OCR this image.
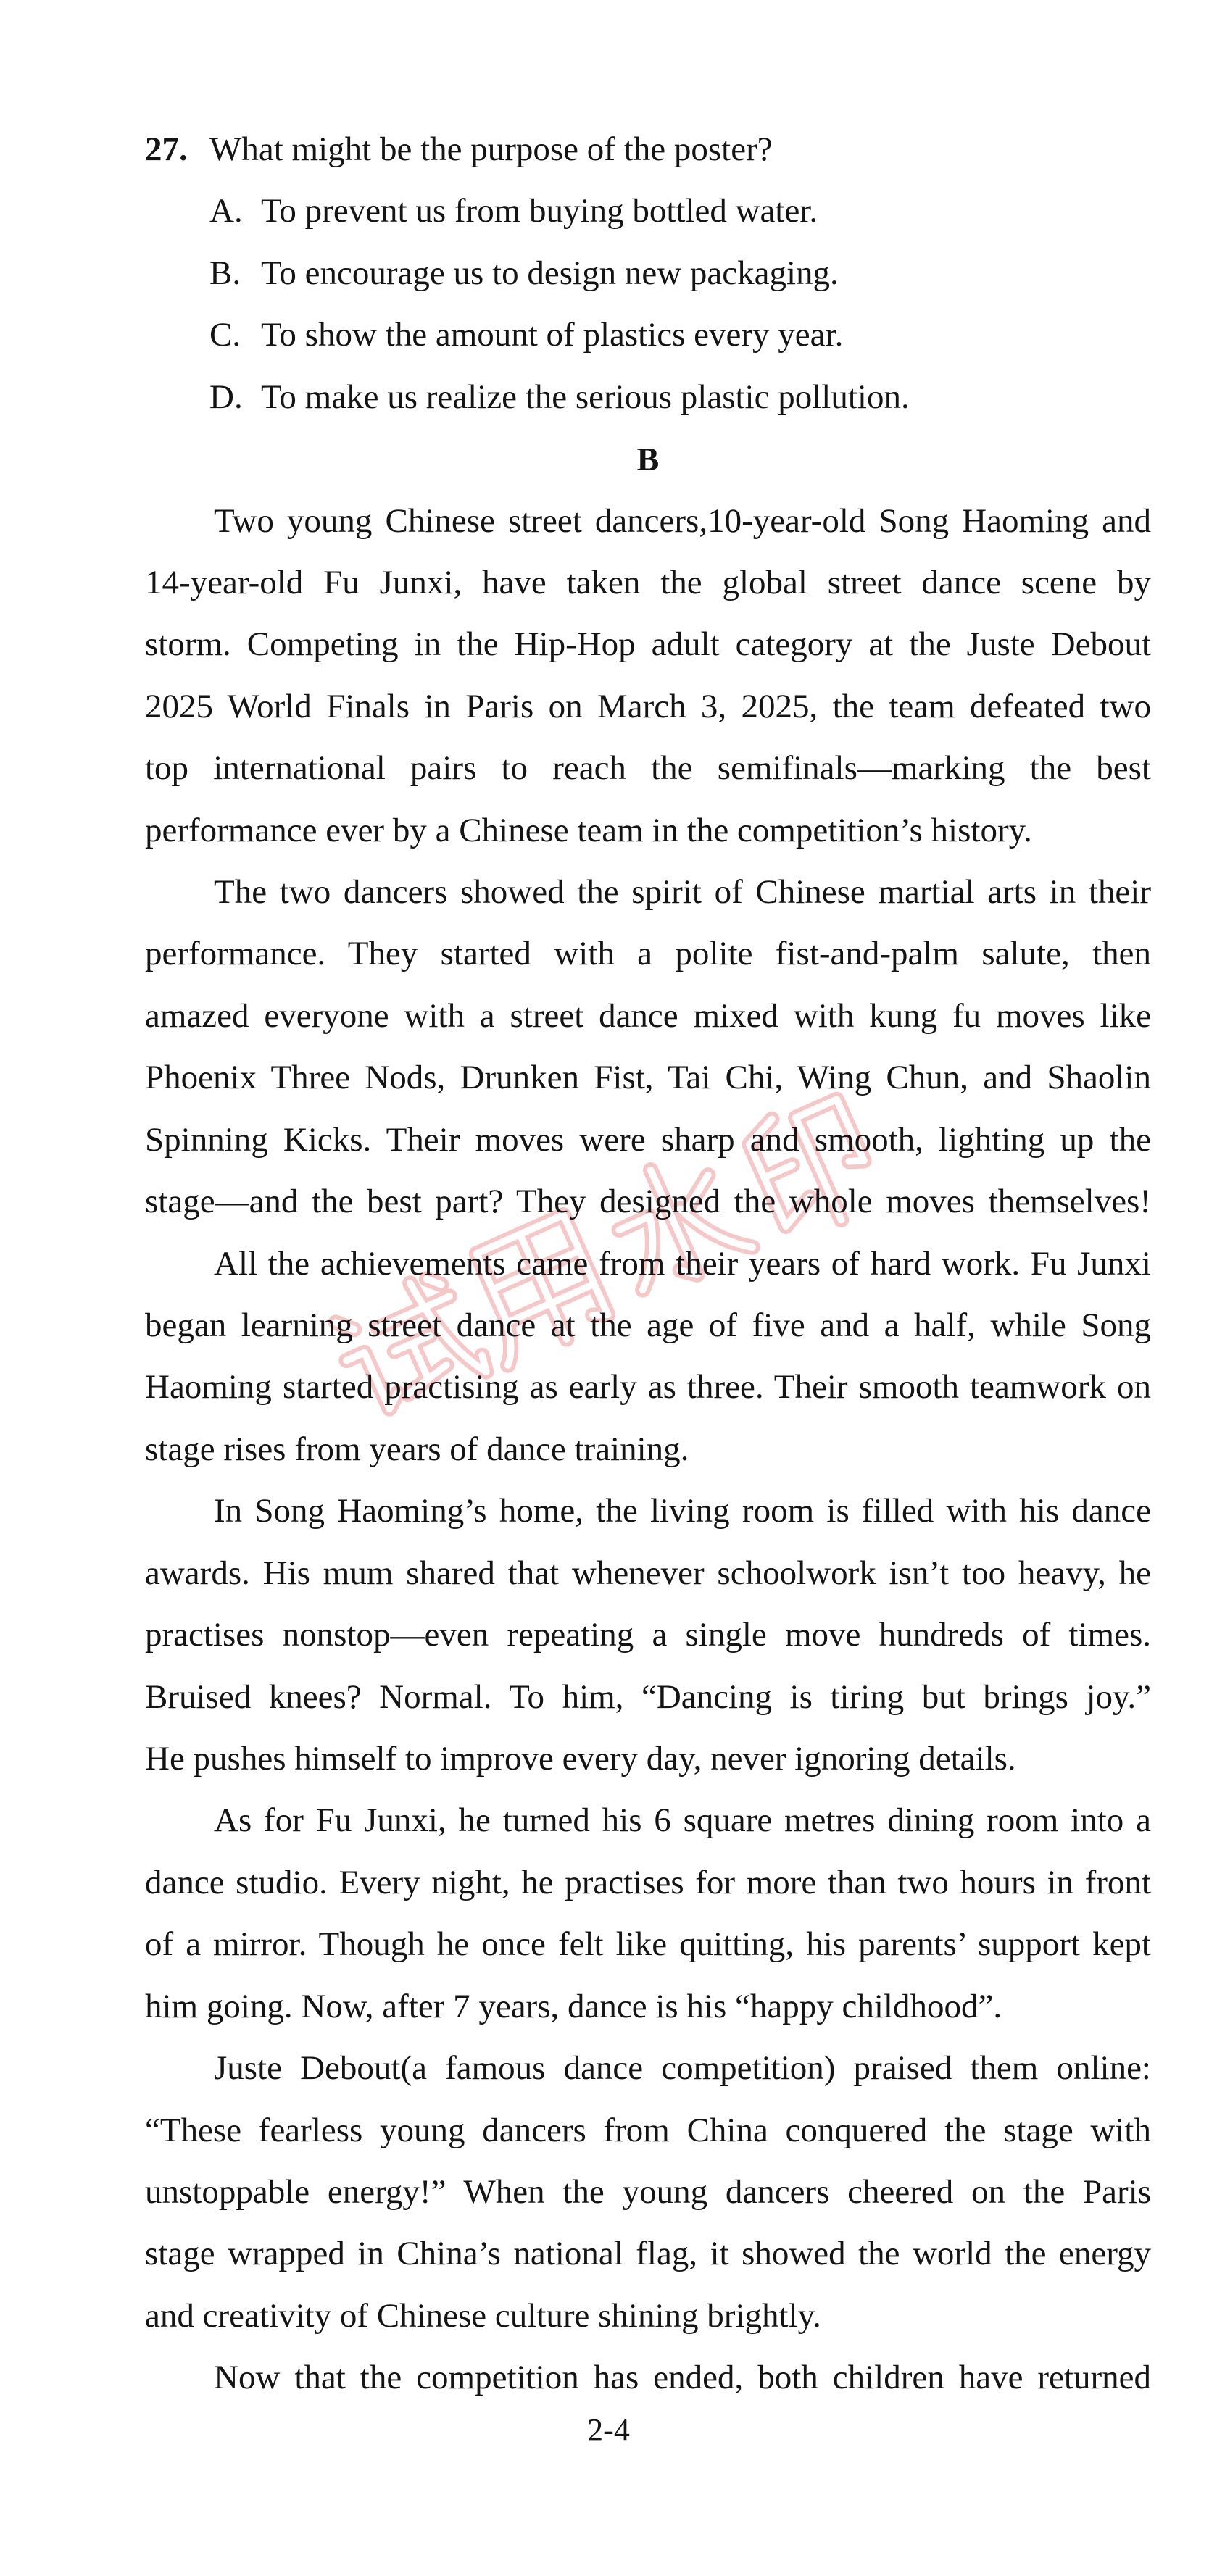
27. What might be the purpose of the poster?
A. To prevent us from buying bottled water.
B. To encourage us to design new packaging.
C. To show the amount of plastics every year.
D. To make us realize the serious plastic pollution.
B
Two young Chinese street dancers,10-year-old Song Haoming and
14-year-old Fu Junxi, have taken the global street dance scene by
storm. Competing in the Hip-Hop adult category at the Juste Debout
2025 World Finals in Paris on March 3, 2025, the team defeated two
top international pairs to reach the semifinals—marking the best
performance ever by a Chinese team in the competition’s history.
The two dancers showed the spirit of Chinese martial arts in their
performance. They started with a polite fist-and-palm salute, then
amazed everyone with a street dance mixed with kung fu moves like
Phoenix Three Nods, Drunken Fist, Tai Chi, Wing Chun, and Shaolin
Spinning Kicks. Their moves were sharp and smooth, lighting up the
stage—and the best part? They designed the whole moves themselves!
All the achievements came from their years of hard work. Fu Junxi
began learning street dance at the age of five and a half, while Song
Haoming started practising as early as three. Their smooth teamwork on
stage rises from years of dance training.
In Song Haoming’s home, the living room is filled with his dance
awards. His mum shared that whenever schoolwork isn’t too heavy, he
practises nonstop—even repeating a single move hundreds of times.
Bruised knees? Normal. To him, “Dancing is tiring but brings joy.”
He pushes himself to improve every day, never ignoring details.
As for Fu Junxi, he turned his 6 square metres dining room into a
dance studio. Every night, he practises for more than two hours in front
of a mirror. Though he once felt like quitting, his parents’ support kept
him going. Now, after 7 years, dance is his “happy childhood”.
Juste Debout(a famous dance competition) praised them online:
“These fearless young dancers from China conquered the stage with
unstoppable energy!” When the young dancers cheered on the Paris
stage wrapped in China’s national flag, it showed the world the energy
and creativity of Chinese culture shining brightly.
Now that the competition has ended, both children have returned
2-4
